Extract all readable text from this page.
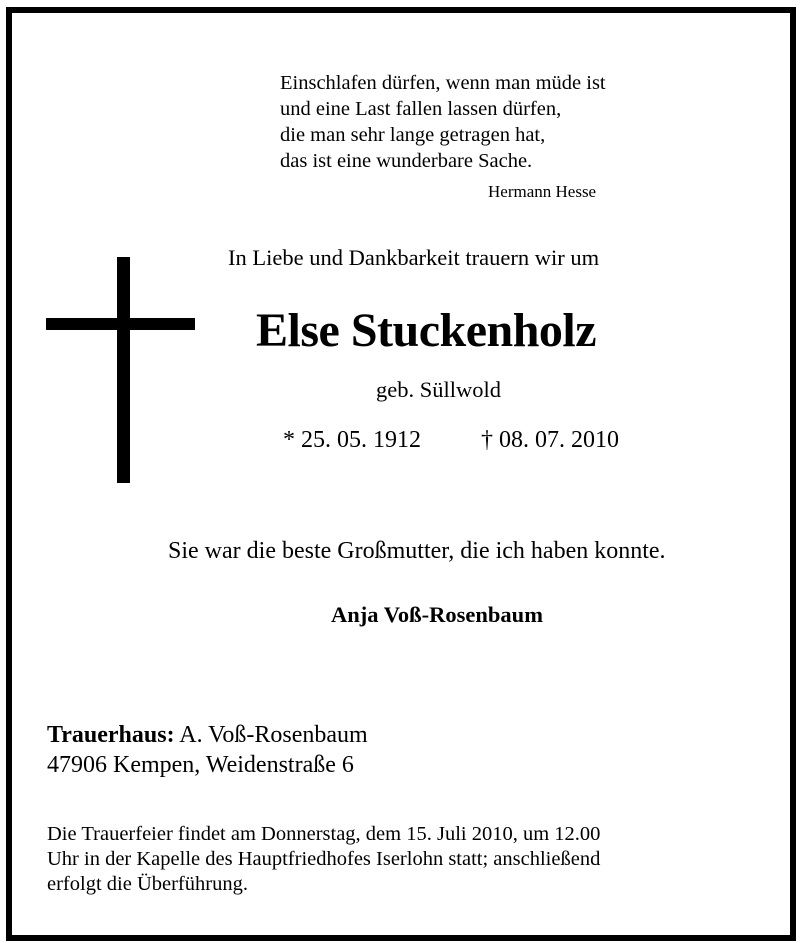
Einschlafen dürfen, wenn man müde ist
und eine Last fallen lassen dürfen,
die man sehr lange getragen hat,
das ist eine wunderbare Sache.
Hermann Hesse
In Liebe und Dankbarkeit trauern wir um
Else Stuckenholz
geb. Süllwold
* 25. 05. 1912	† 08. 07. 2010
Sie war die beste Großmutter, die ich haben konnte.
Anja Voß-Rosenbaum
Trauerhaus: A. Voß-Rosenbaum
47906 Kempen, Weidenstraße 6
Die Trauerfeier findet am Donnerstag, dem 15. Juli 2010, um 12.00
Uhr in der Kapelle des Hauptfriedhofes Iserlohn statt; anschließend
erfolgt die Überführung.
